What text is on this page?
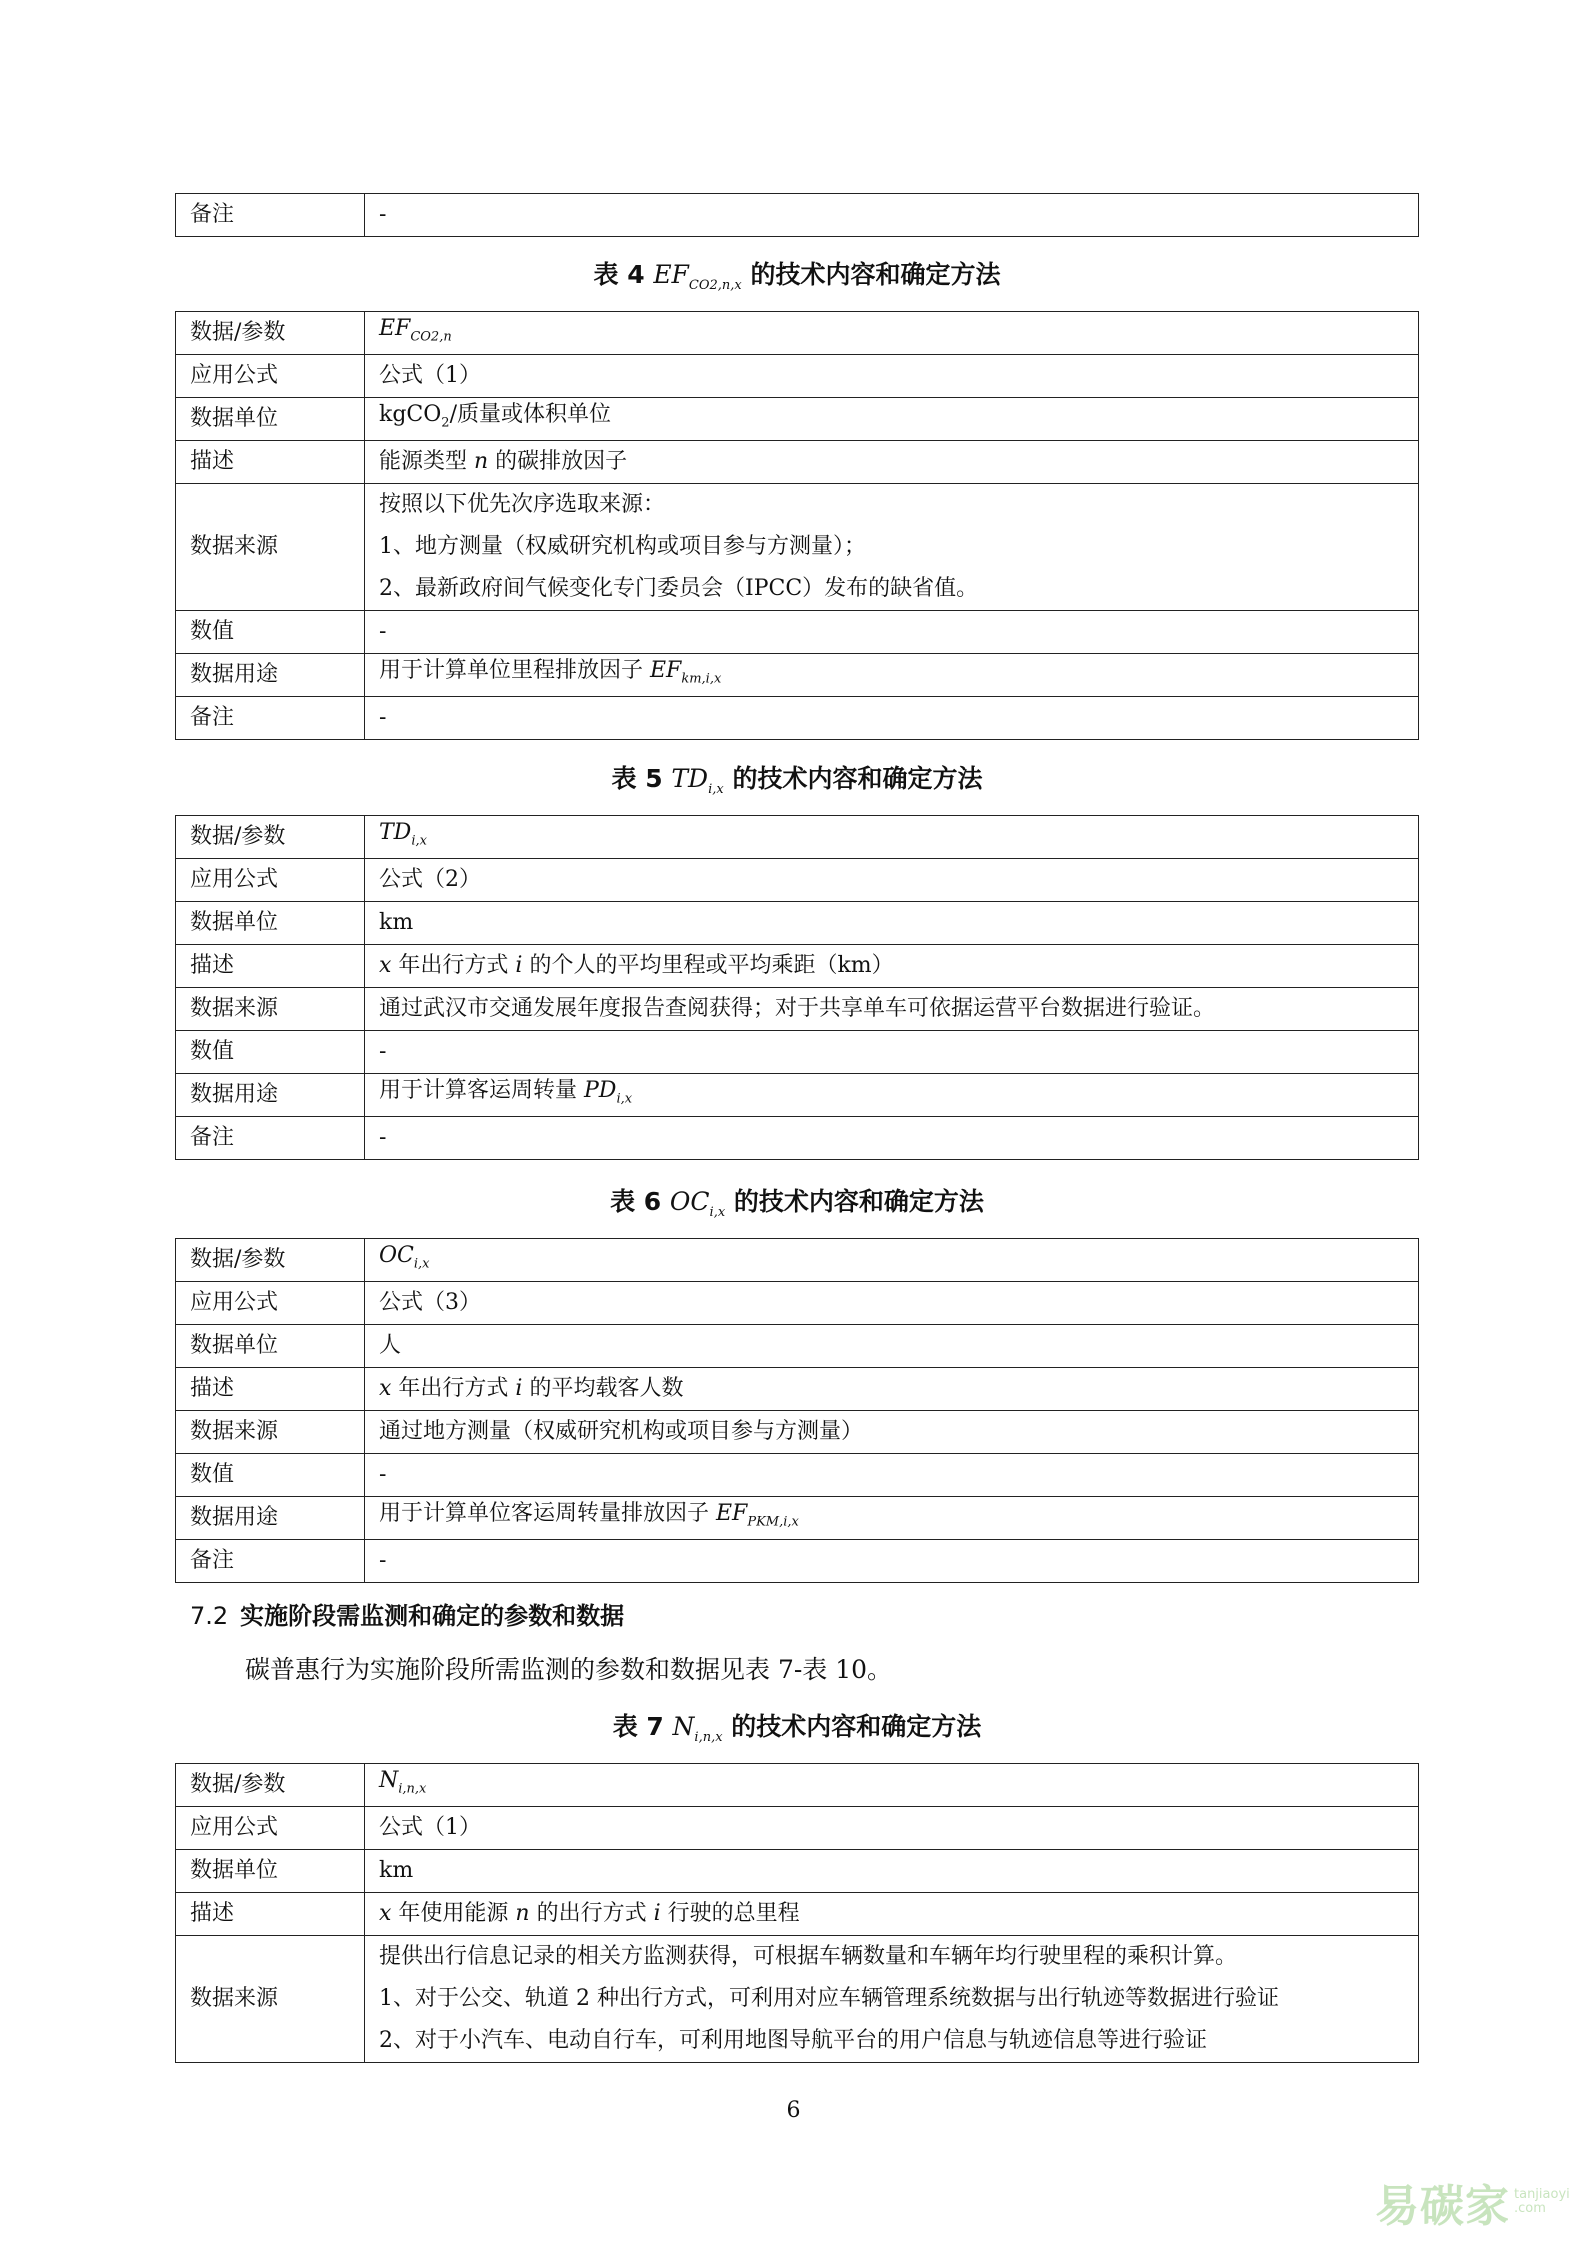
备注	-
表 4 $EF_{CO2,n,x}$ 的技术内容和确定方法
数据/参数	$EF_{CO2,n}$
应用公式	公式（1）
数据单位	kgCO$_2$/质量或体积单位
描述	能源类型 n 的碳排放因子
数据来源	按照以下优先次序选取来源：
1、地方测量（权威研究机构或项目参与方测量）；
2、最新政府间气候变化专门委员会（IPCC）发布的缺省值。

数值	-
数据用途	用于计算单位里程排放因子 $EF_{km,i,x}$
备注	-
表 5 $TD_{i,x}$ 的技术内容和确定方法
数据/参数	$TD_{i,x}$
应用公式	公式（2）
数据单位	km
描述	x 年出行方式 i 的个人的平均里程或平均乘距（km）
数据来源	通过武汉市交通发展年度报告查阅获得；对于共享单车可依据运营平台数据进行验证。
数值	-
数据用途	用于计算客运周转量 $PD_{i,x}$
备注	-
表 6 $OC_{i,x}$ 的技术内容和确定方法
数据/参数	$OC_{i,x}$
应用公式	公式（3）
数据单位	人
描述	x 年出行方式 i 的平均载客人数
数据来源	通过地方测量（权威研究机构或项目参与方测量）
数值	-
数据用途	用于计算单位客运周转量排放因子 $EF_{PKM,i,x}$
备注	-
7.2 实施阶段需监测和确定的参数和数据
碳普惠行为实施阶段所需监测的参数和数据见表 7-表 10。
表 7 $N_{i,n,x}$ 的技术内容和确定方法
数据/参数	$N_{i,n,x}$
应用公式	公式（1）
数据单位	km
描述	x 年使用能源 n 的出行方式 i 行驶的总里程
数据来源	提供出行信息记录的相关方监测获得，可根据车辆数量和车辆年均行驶里程的乘积计算。
1、对于公交、轨道 2 种出行方式，可利用对应车辆管理系统数据与出行轨迹等数据进行验证
2、对于小汽车、电动自行车，可利用地图导航平台的用户信息与轨迹信息等进行验证
6
易碳家 tanjiaoyi
.com
